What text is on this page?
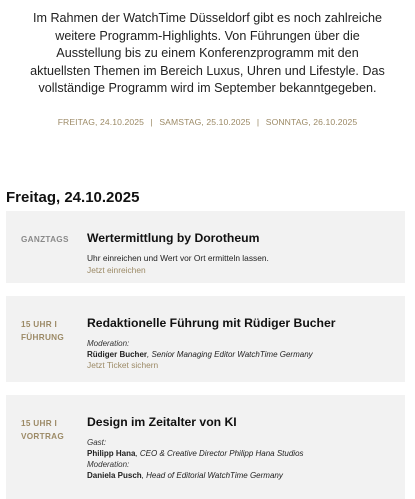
Im Rahmen der WatchTime Düsseldorf gibt es noch zahlreiche weitere Programm-Highlights. Von Führungen über die Ausstellung bis zu einem Konferenzprogramm mit den aktuellsten Themen im Bereich Luxus, Uhren und Lifestyle. Das vollständige Programm wird im September bekanntgegeben.

FREITAG, 24.10.2025 | SAMSTAG, 25.10.2025 | SONNTAG, 26.10.2025
Freitag, 24.10.2025
GANZTAGS Wertermittlung by Dorotheum
Uhr einreichen und Wert vor Ort ermitteln lassen.
Jetzt einreichen
15 UHR I
FÜHRUNG
Redaktionelle Führung mit Rüdiger Bucher
Moderation:
Rüdiger Bucher, Senior Managing Editor WatchTime Germany
Jetzt Ticket sichern
15 UHR I
VORTRAG
Design im Zeitalter von KI
Gast:
Philipp Hana, CEO & Creative Director Philipp Hana Studios
Moderation:
Daniela Pusch, Head of Editorial WatchTime Germany
